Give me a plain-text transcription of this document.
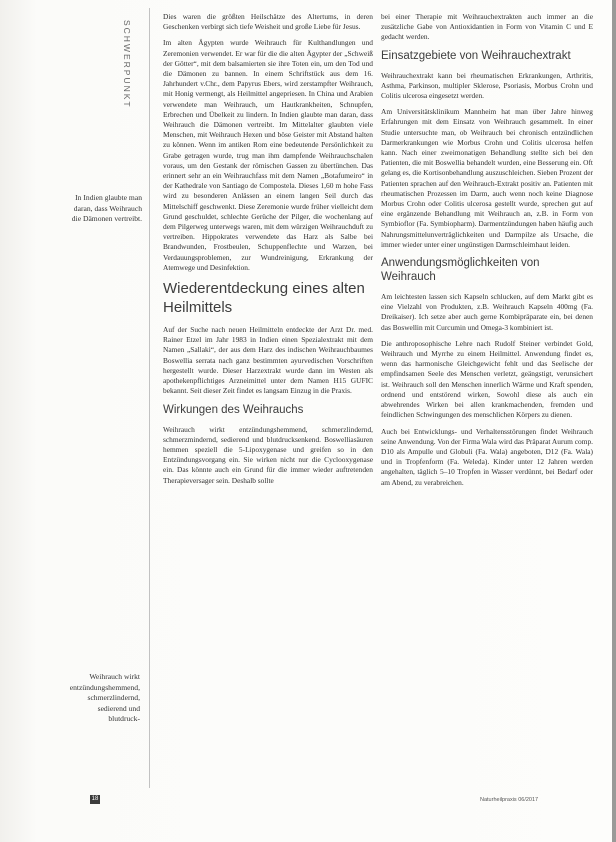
SCHWERPUNKT
In Indien glaubte man daran, dass Weihrauch die Dämonen vertreibt.
Weihrauch wirkt entzündungshemmend, schmerzlindernd, sedierend und blutdruck-

Dies waren die größten Heilschätze des Altertums, in deren Geschenken verbirgt sich tiefe Weisheit und große Liebe für Jesus.

Im alten Ägypten wurde Weihrauch für Kulthandlungen und Zeremonien verwendet. Er war für die die alten Ägypter der „Schweiß der Götter“, mit dem balsamierten sie ihre Toten ein, um den Tod und die Dämonen zu bannen. In einem Schriftstück aus dem 16. Jahrhundert v.Chr., dem Papyrus Ebers, wird zerstampfter Weihrauch, mit Honig vermengt, als Heilmittel angepriesen. In China und Arabien verwendete man Weihrauch, um Hautkrankheiten, Schnupfen, Erbrechen und Übelkeit zu lindern. In Indien glaubte man daran, dass Weihrauch die Dämonen vertreibt. Im Mittelalter glaubten viele Menschen, mit Weihrauch Hexen und böse Geister mit Abstand halten zu können. Wenn im antiken Rom eine bedeutende Persönlichkeit zu Grabe getragen wurde, trug man ihm dampfende Weihrauchschalen voraus, um den Gestank der römischen Gassen zu übertünchen. Das erinnert sehr an ein Weihrauchfass mit dem Namen „Botafumeiro“ in der Kathedrale von Santiago de Compostela. Dieses 1,60 m hohe Fass wird zu besonderen Anlässen an einem langen Seil durch das Mittelschiff geschwenkt. Diese Zeremonie wurde früher vielleicht dem Grund geschuldet, schlechte Gerüche der Pilger, die wochenlang auf dem Pilgerweg unterwegs waren, mit dem würzigen Weihrauchduft zu vertreiben. Hippokrates verwendete das Harz als Salbe bei Brandwunden, Frostbeulen, Schuppenflechte und Warzen, bei Verdauungsproblemen, zur Wundreinigung, Erkrankung der Atemwege und Desinfektion.

Wiederentdeckung eines alten Heilmittels

Auf der Suche nach neuen Heilmitteln entdeckte der Arzt Dr. med. Rainer Etzel im Jahr 1983 in Indien einen Spezialextrakt mit dem Namen „Sallaki“, der aus dem Harz des indischen Weihrauchbaumes Boswellia serrata nach ganz bestimmten ayurvedischen Vorschriften hergestellt wurde. Dieser Harzextrakt wurde dann im Westen als apothekenpflichtiges Arzneimittel unter dem Namen H15 GUFIC bekannt. Seit dieser Zeit findet es langsam Einzug in die Praxis.

Wirkungen des Weihrauchs

Weihrauch wirkt entzündungshemmend, schmerzlindernd, schmerzmindernd, sedierend und blutdrucksenkend. Boswelliasäuren hemmen speziell die 5-Lipoxygenase und greifen so in den Entzündungsvorgang ein. Sie wirken nicht nur die Cyclooxygenase ein. Das könnte auch ein Grund für die immer wieder auftretenden Therapieversager sein. Deshalb sollte

bei einer Therapie mit Weihrauchextrakten auch immer an die zusätzliche Gabe von Antioxidantien in Form von Vitamin C und E gedacht werden.

Einsatzgebiete von Weihrauchextrakt

Weihrauchextrakt kann bei rheumatischen Erkrankungen, Arthritis, Asthma, Parkinson, multipler Sklerose, Psoriasis, Morbus Crohn und Colitis ulcerosa eingesetzt werden.

Am Universitätsklinikum Mannheim hat man über Jahre hinweg Erfahrungen mit dem Einsatz von Weihrauch gesammelt. In einer Studie untersuchte man, ob Weihrauch bei chronisch entzündlichen Darmerkrankungen wie Morbus Crohn und Colitis ulcerosa helfen kann. Nach einer zweimonatigen Behandlung stellte sich bei den Patienten, die mit Boswellia behandelt wurden, eine Besserung ein. Oft gelang es, die Kortisonbehandlung auszuschleichen. Sieben Prozent der Patienten sprachen auf den Weihrauch-Extrakt positiv an. Patienten mit rheumatischen Prozessen im Darm, auch wenn noch keine Diagnose Morbus Crohn oder Colitis ulcerosa gestellt wurde, sprechen gut auf eine ergänzende Behandlung mit Weihrauch an, z.B. in Form von Symbioflor (Fa. Symbiopharm). Darmentzündungen haben häufig auch Nahrungsmittelunverträglichkeiten und Darmpilze als Ursache, die immer wieder unter einer ungünstigen Darmschleimhaut leiden.

Anwendungsmöglichkeiten von Weihrauch

Am leichtesten lassen sich Kapseln schlucken, auf dem Markt gibt es eine Vielzahl von Produkten, z.B. Weihrauch Kapseln 400mg (Fa. Dreikaiser). Ich setze aber auch gerne Kombipräparate ein, bei denen das Boswellin mit Curcumin und Omega-3 kombiniert ist.

Die anthroposophische Lehre nach Rudolf Steiner verbindet Gold, Weihrauch und Myrrhe zu einem Heilmittel. Anwendung findet es, wenn das harmonische Gleichgewicht fehlt und das Seelische der empfindsamen Seele des Menschen verletzt, geängstigt, verunsichert ist. Weihrauch soll den Menschen innerlich Wärme und Kraft spenden, ordnend und entstörend wirken, Sowohl diese als auch ein abwehrendes Wirken bei allen krankmachenden, fremden und feindlichen Schwingungen des menschlichen Körpers zu dienen.

Auch bei Entwicklungs- und Verhaltensstörungen findet Weihrauch seine Anwendung. Von der Firma Wala wird das Präparat Aurum comp. D10 als Ampulle und Globuli (Fa. Wala) angeboten, D12 (Fa. Wala) und in Tropfenform (Fa. Weleda). Kinder unter 12 Jahren werden angehalten, täglich 5–10 Tropfen in Wasser verdünnt, bei Bedarf oder am Abend, zu verabreichen.

18	Naturheilpraxis 06/2017
